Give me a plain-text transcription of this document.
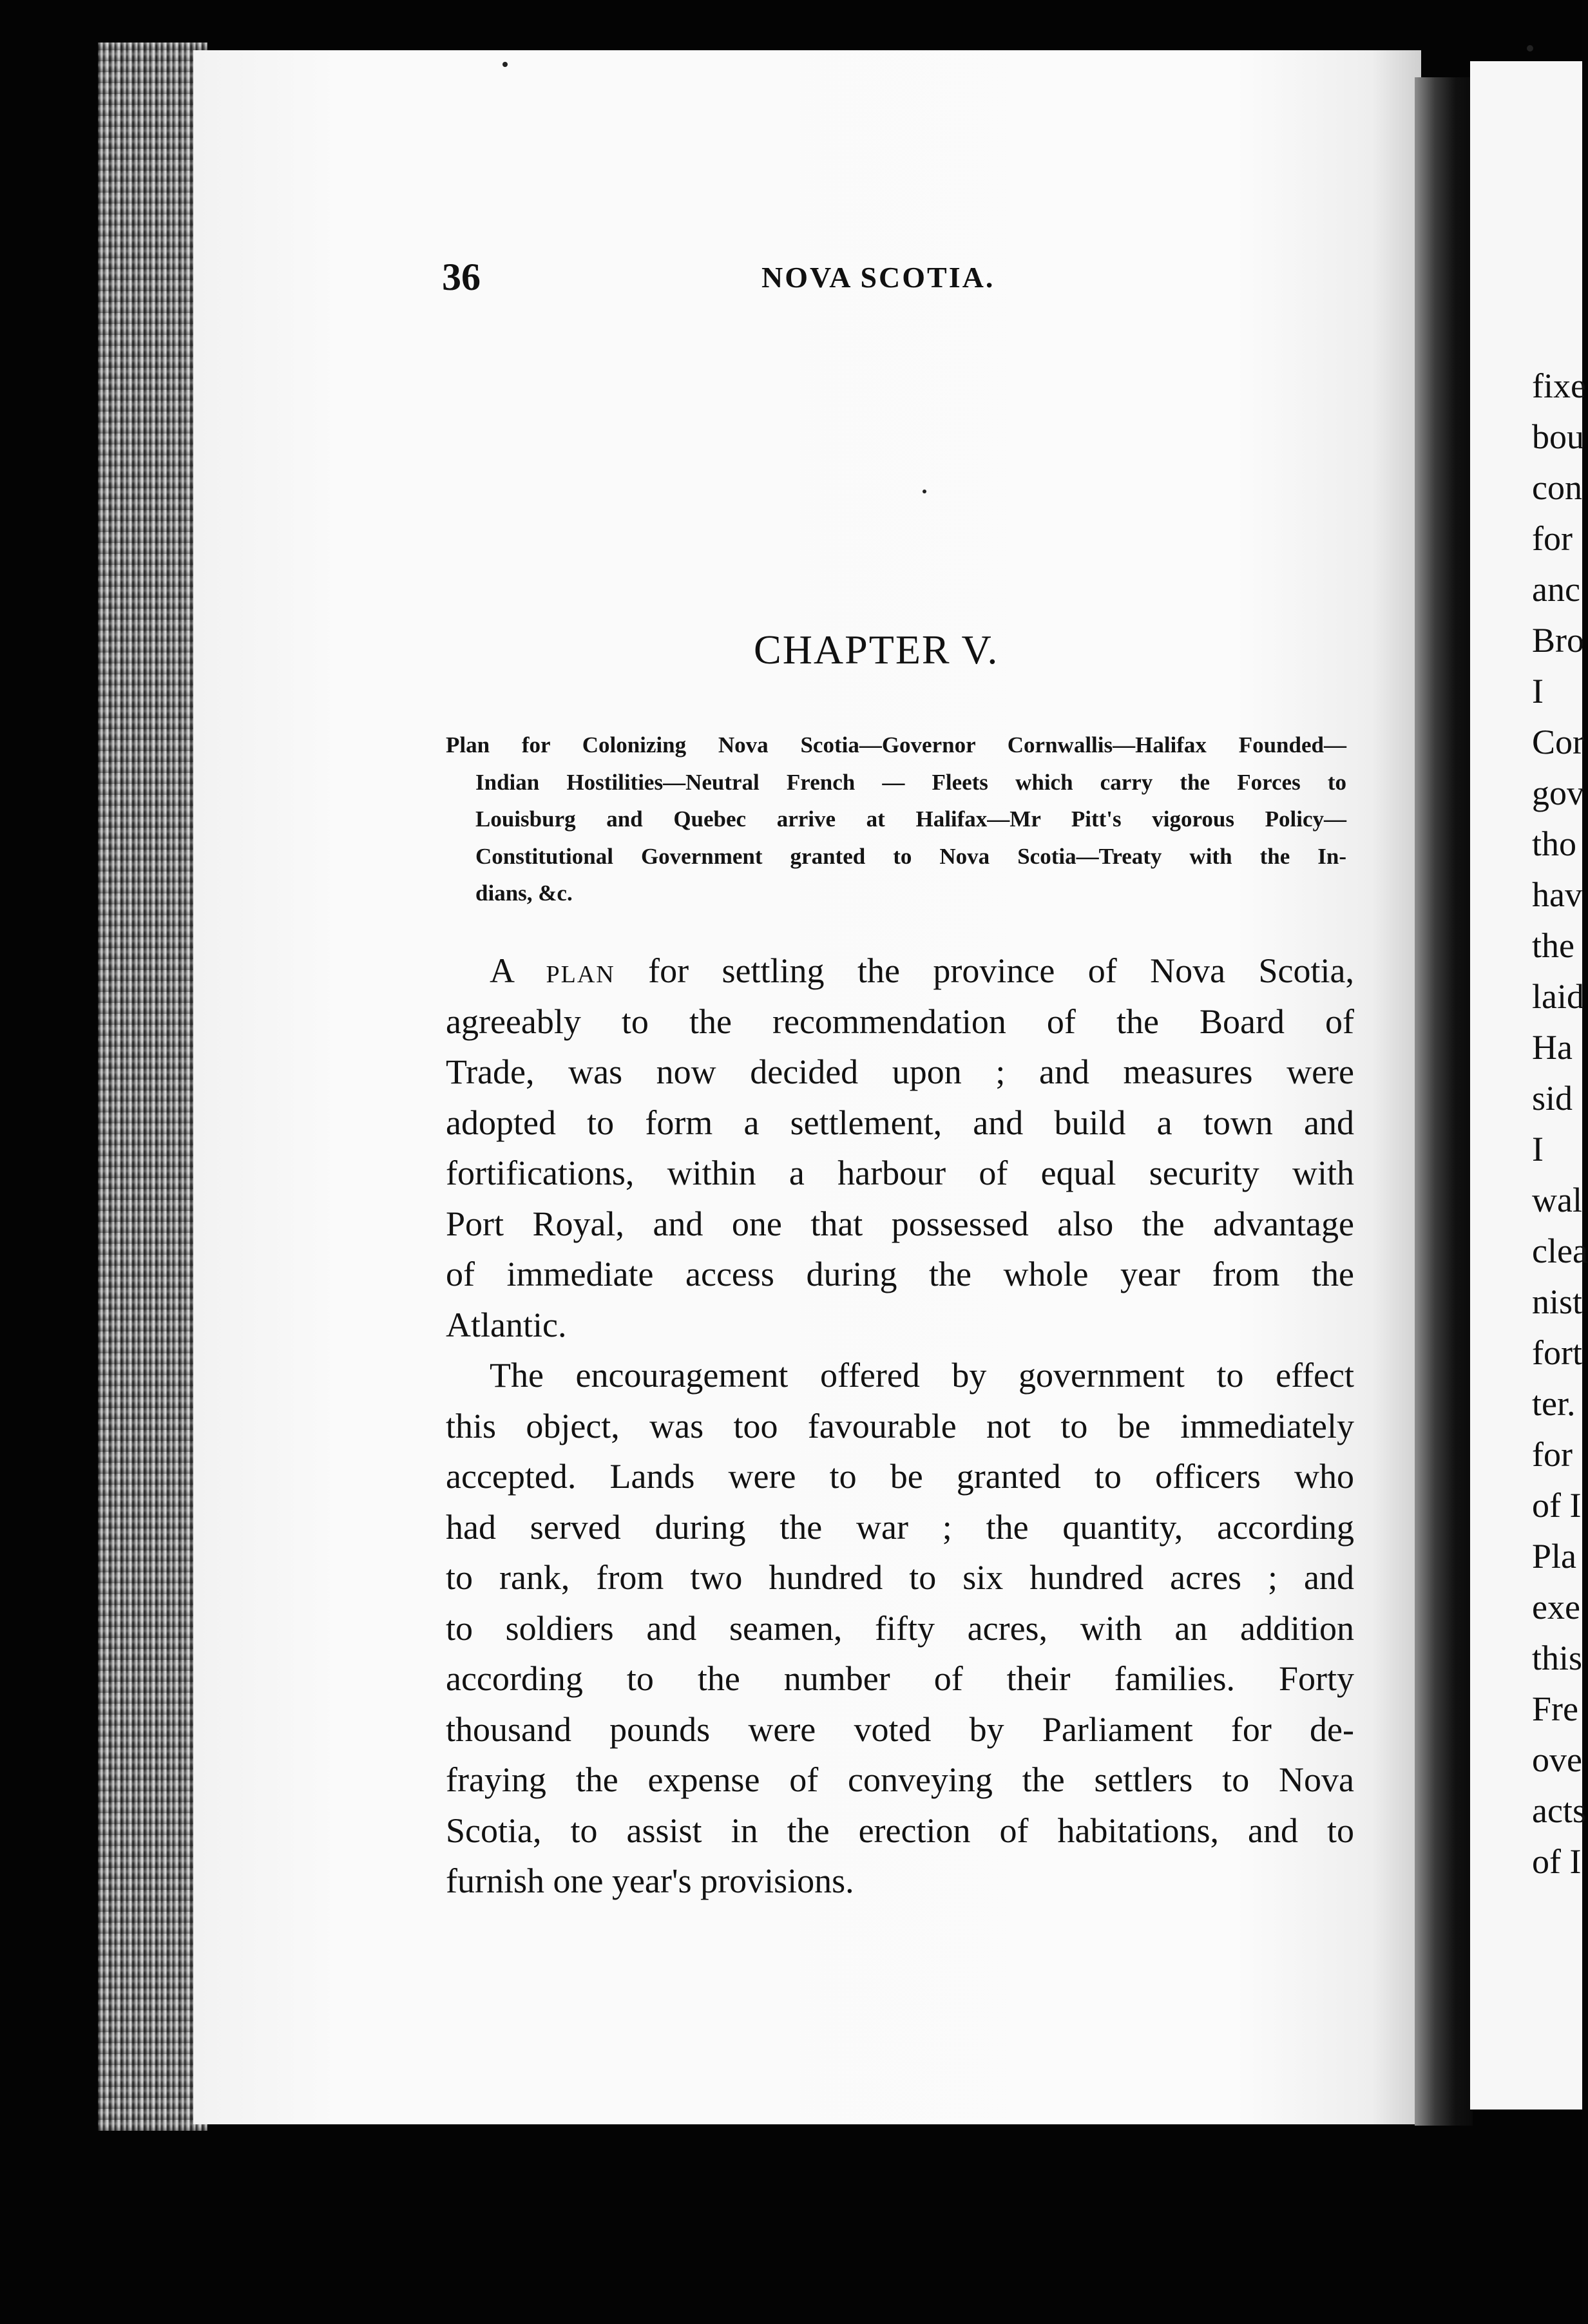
36	NOVA SCOTIA.
CHAPTER V.
Plan for Colonizing Nova Scotia—Governor Cornwallis—Halifax Founded—
Indian Hostilities—Neutral French — Fleets which carry the Forces to
Louisburg and Quebec arrive at Halifax—Mr Pitt's vigorous Policy—
Constitutional Government granted to Nova Scotia—Treaty with the In-
dians, &c.
A plan for settling the province of Nova Scotia,
agreeably to the recommendation of the Board of
Trade, was now decided upon ; and measures were
adopted to form a settlement, and build a town and
fortifications, within a harbour of equal security with
Port Royal, and one that possessed also the advantage
of immediate access during the whole year from the
Atlantic.
The encouragement offered by government to effect
this object, was too favourable not to be immediately
accepted. Lands were to be granted to officers who
had served during the war ; the quantity, according
to rank, from two hundred to six hundred acres ; and
to soldiers and seamen, fifty acres, with an addition
according to the number of their families. Forty
thousand pounds were voted by Parliament for de-
fraying the expense of conveying the settlers to Nova
Scotia, to assist in the erection of habitations, and to
furnish one year's provisions.
fixe
bou
con
for
anc
Bro
I
Cor
gov
tho
hav
the
laid
Ha
sid
I
wal
clea
nist
fort
ter.
for
of I
Pla
exe
this
Fre
ove
acts
of I
